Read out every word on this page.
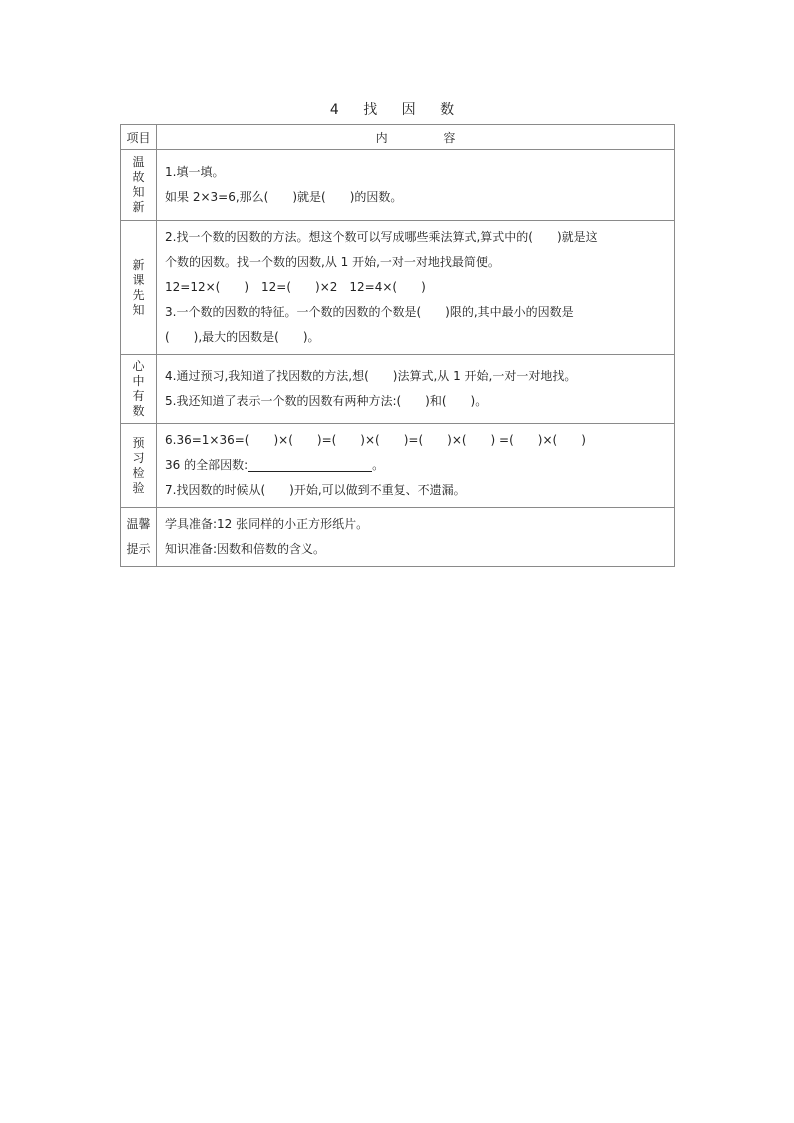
4 找 因 数
项目	内 容

温
故
知
新	1.填一填。
如果 2×3=6,那么(　　)就是(　　)的因数。

新
课
先
知	2.找一个数的因数的方法。想这个数可以写成哪些乘法算式,算式中的(　　)就是这
个数的因数。找一个数的因数,从 1 开始,一对一对地找最简便。
12=12×(　　)　12=(　　)×2　12=4×(　　)
3.一个数的因数的特征。一个数的因数的个数是(　　)限的,其中最小的因数是
(　　),最大的因数是(　　)。

心
中
有
数	4.通过预习,我知道了找因数的方法,想(　　)法算式,从 1 开始,一对一对地找。
5.我还知道了表示一个数的因数有两种方法:(　　)和(　　)。

预
习
检
验	6.36=1×36=(　　)×(　　)=(　　)×(　　)=(　　)×(　　) =(　　)×(　　)
36 的全部因数: 。
7.找因数的时候从(　　)开始,可以做到不重复、不遗漏。

温馨
提示	学具准备:12 张同样的小正方形纸片。
知识准备:因数和倍数的含义。
